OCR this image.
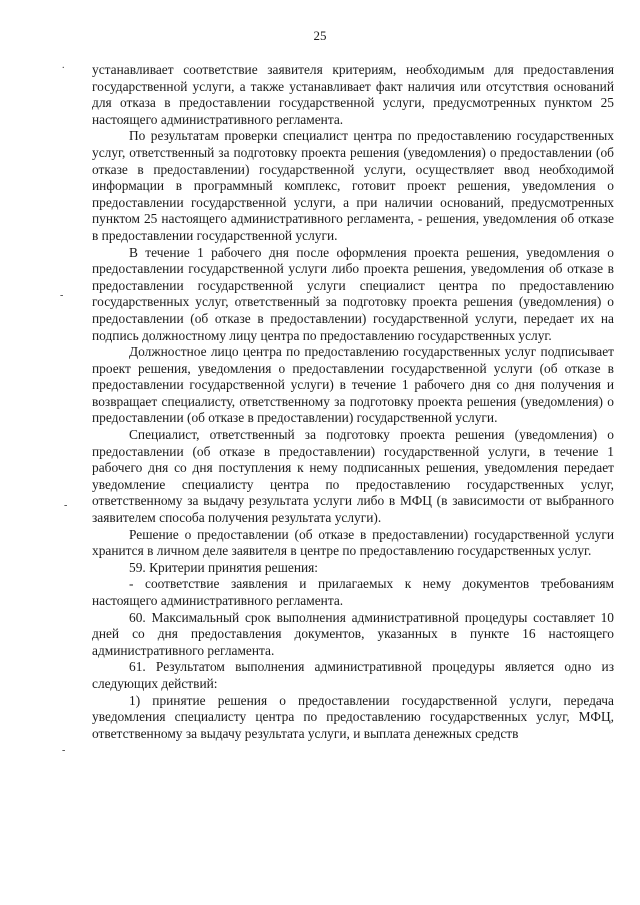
25
.
-
-
-

устанавливает соответствие заявителя критериям, необходимым для предоставления государственной услуги, а также устанавливает факт наличия или отсутствия оснований для отказа в предоставлении государственной услуги, предусмотренных пунктом 25 настоящего административного регламента.

По результатам проверки специалист центра по предоставлению государственных услуг, ответственный за подготовку проекта решения (уведомления) о предоставлении (об отказе в предоставлении) государственной услуги, осуществляет ввод необходимой информации в программный комплекс, готовит проект решения, уведомления о предоставлении государственной услуги, а при наличии оснований, предусмотренных пунктом 25 настоящего административного регламента, - решения, уведомления об отказе в предоставлении государственной услуги.

В течение 1 рабочего дня после оформления проекта решения, уведомления о предоставлении государственной услуги либо проекта решения, уведомления об отказе в предоставлении государственной услуги специалист центра по предоставлению государственных услуг, ответственный за подготовку проекта решения (уведомления) о предоставлении (об отказе в предоставлении) государственной услуги, передает их на подпись должностному лицу центра по предоставлению государственных услуг.

Должностное лицо центра по предоставлению государственных услуг подписывает проект решения, уведомления о предоставлении государственной услуги (об отказе в предоставлении государственной услуги) в течение 1 рабочего дня со дня получения и возвращает специалисту, ответственному за подготовку проекта решения (уведомления) о предоставлении (об отказе в предоставлении) государственной услуги.

Специалист, ответственный за подготовку проекта решения (уведомления) о предоставлении (об отказе в предоставлении) государственной услуги, в течение 1 рабочего дня со дня поступления к нему подписанных решения, уведомления передает уведомление специалисту центра по предоставлению государственных услуг, ответственному за выдачу результата услуги либо в МФЦ (в зависимости от выбранного заявителем способа получения результата услуги).

Решение о предоставлении (об отказе в предоставлении) государственной услуги хранится в личном деле заявителя в центре по предоставлению государственных услуг.

59. Критерии принятия решения:

- соответствие заявления и прилагаемых к нему документов требованиям настоящего административного регламента.

60. Максимальный срок выполнения административной процедуры составляет 10 дней со дня предоставления документов, указанных в пункте 16 настоящего административного регламента.

61. Результатом выполнения административной процедуры является одно из следующих действий:

1) принятие решения о предоставлении государственной услуги, передача уведомления специалисту центра по предоставлению государственных услуг, МФЦ, ответственному за выдачу результата услуги, и выплата денежных средств
